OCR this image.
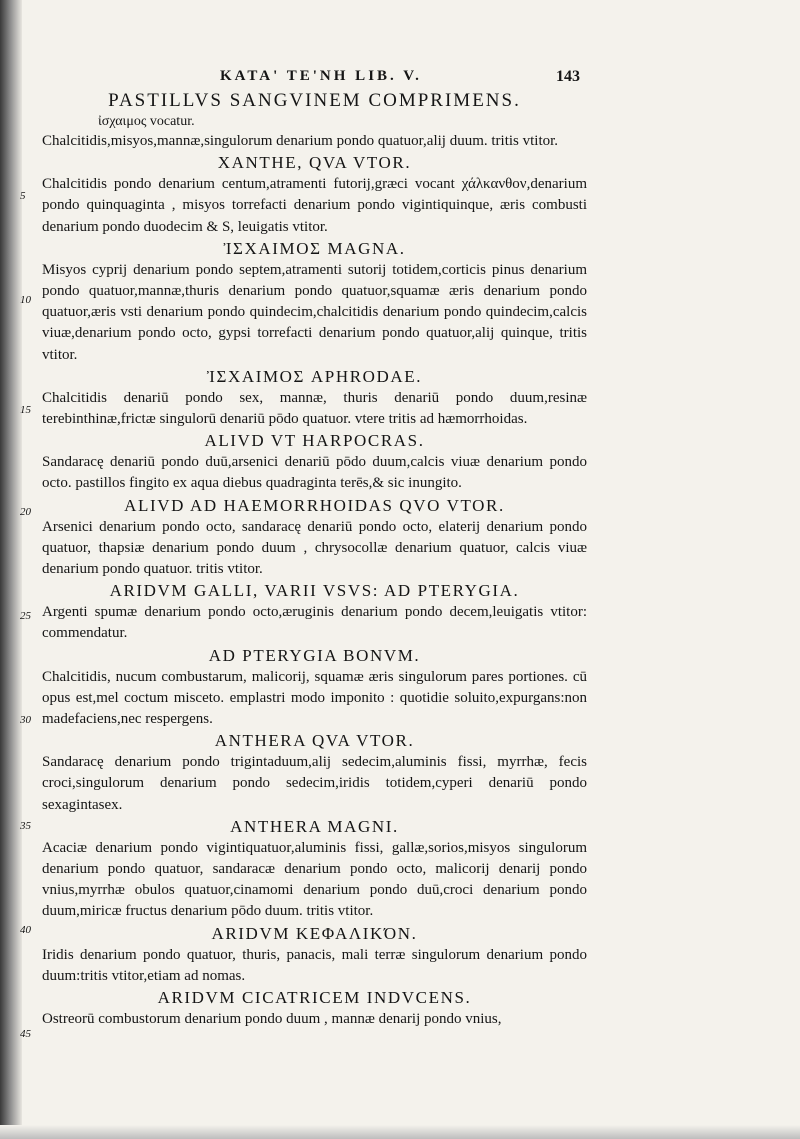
KATA' TE'NH LIB. V.	143
5
10
15
20
25
30
35
40
45
PASTILLVS SANGVINEM COMPRIMENS.
ἰσχαιμος vocatur.

Chalcitidis,misyos,mannæ,singulorum denarium pondo quatuor,alij duum. tritis vtitor.

XANTHE, QVA VTOR.

Chalcitidis pondo denarium centum,atramenti futorij,græci vocant χάλκανθον,denarium pondo quinquaginta , misyos torrefacti denarium pondo vigintiquinque, æris combusti denarium pondo duodecim & S, leuigatis vtitor.

ἸΣΧΑΙΜΟΣ MAGNA.

Misyos cyprij denarium pondo septem,atramenti sutorij totidem,corticis pinus denarium pondo quatuor,mannæ,thuris denarium pondo quatuor,squamæ æris denarium pondo quatuor,æris vsti denarium pondo quindecim,chalcitidis denarium pondo quindecim,calcis viuæ,denarium pondo octo, gypsi torrefacti denarium pondo quatuor,alij quinque, tritis vtitor.

ἸΣΧΑΙΜΟΣ APHRODAE.

Chalcitidis denariū pondo sex, mannæ, thuris denariū pondo duum,resinæ terebinthinæ,frictæ singulorū denariū pōdo quatuor. vtere tritis ad hæmorrhoidas.

ALIVD VT HARPOCRAS.

Sandaracę denariū pondo duū,arsenici denariū pōdo duum,calcis viuæ denarium pondo octo. pastillos fingito ex aqua diebus quadraginta terēs,& sic inungito.

ALIVD AD HAEMORRHOIDAS QVO VTOR.

Arsenici denarium pondo octo, sandaracę denariū pondo octo, elaterij denarium pondo quatuor, thapsiæ denarium pondo duum , chrysocollæ denarium quatuor, calcis viuæ denarium pondo quatuor. tritis vtitor.

ARIDVM GALLI, VARII VSVS: AD PTERYGIA.

Argenti spumæ denarium pondo octo,æruginis denarium pondo decem,leuigatis vtitor: commendatur.

AD PTERYGIA BONVM.

Chalcitidis, nucum combustarum, malicorij, squamæ æris singulorum pares portiones. cū opus est,mel coctum misceto. emplastri modo imponito : quotidie soluito,expurgans:non madefaciens,nec respergens.

ANTHERA QVA VTOR.

Sandaracę denarium pondo trigintaduum,alij sedecim,aluminis fissi, myrrhæ, fecis croci,singulorum denarium pondo sedecim,iridis totidem,cyperi denariū pondo sexagintasex.

ANTHERA MAGNI.

Acaciæ denarium pondo vigintiquatuor,aluminis fissi, gallæ,sorios,misyos singulorum denarium pondo quatuor, sandaracæ denarium pondo octo, malicorij denarij pondo vnius,myrrhæ obulos quatuor,cinamomi denarium pondo duū,croci denarium pondo duum,miricæ fructus denarium pōdo duum. tritis vtitor.

ARIDVM ΚΕΦΑΛΙΚΌΝ.

Iridis denarium pondo quatuor, thuris, panacis, mali terræ singulorum denarium pondo duum:tritis vtitor,etiam ad nomas.

ARIDVM CICATRICEM INDVCENS.

Ostreorū combustorum denarium pondo duum , mannæ denarij pondo vnius,
